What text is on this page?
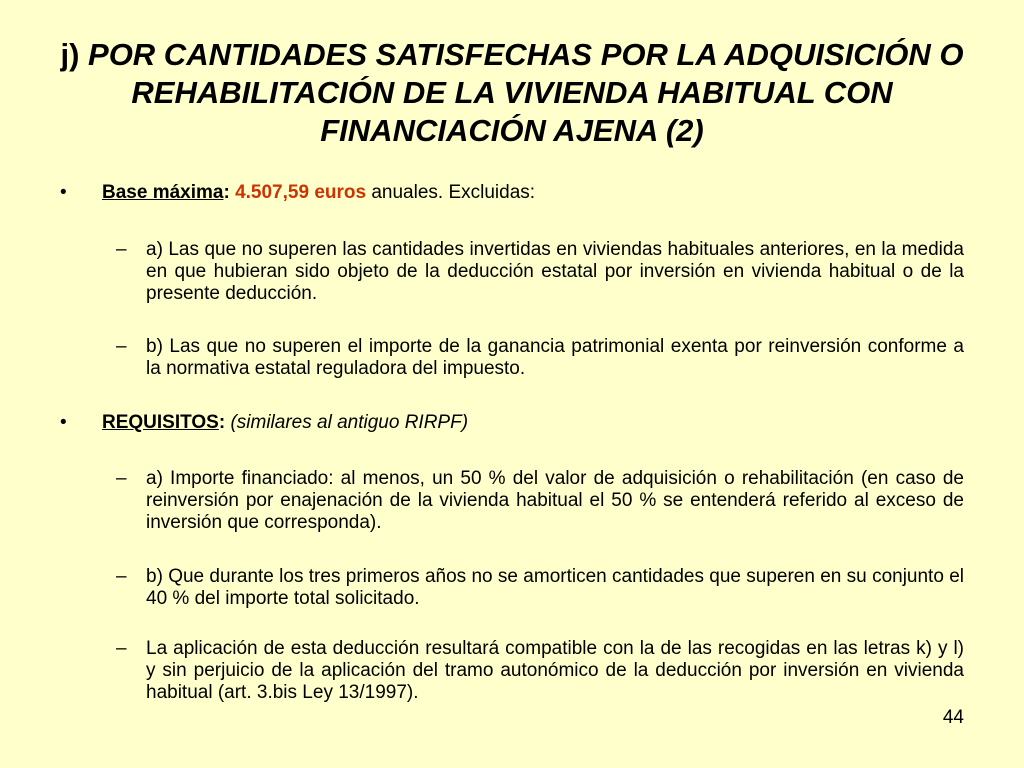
j) POR CANTIDADES SATISFECHAS POR LA ADQUISICIÓN O REHABILITACIÓN DE LA VIVIENDA HABITUAL CON FINANCIACIÓN AJENA (2)
• Base máxima: 4.507,59 euros anuales. Excluidas:
– a) Las que no superen las cantidades invertidas en viviendas habituales anteriores, en la medida en que hubieran sido objeto de la deducción estatal por inversión en vivienda habitual o de la presente deducción.
– b) Las que no superen el importe de la ganancia patrimonial exenta por reinversión conforme a la normativa estatal reguladora del impuesto.
• REQUISITOS: (similares al antiguo RIRPF)
– a) Importe financiado: al menos, un 50 % del valor de adquisición o rehabilitación (en caso de reinversión por enajenación de la vivienda habitual el 50 % se entenderá referido al exceso de inversión que corresponda).
– b) Que durante los tres primeros años no se amorticen cantidades que superen en su conjunto el 40 % del importe total solicitado.
– La aplicación de esta deducción resultará compatible con la de las recogidas en las letras k) y l) y sin perjuicio de la aplicación del tramo autonómico de la deducción por inversión en vivienda habitual (art. 3.bis Ley 13/1997).
44
